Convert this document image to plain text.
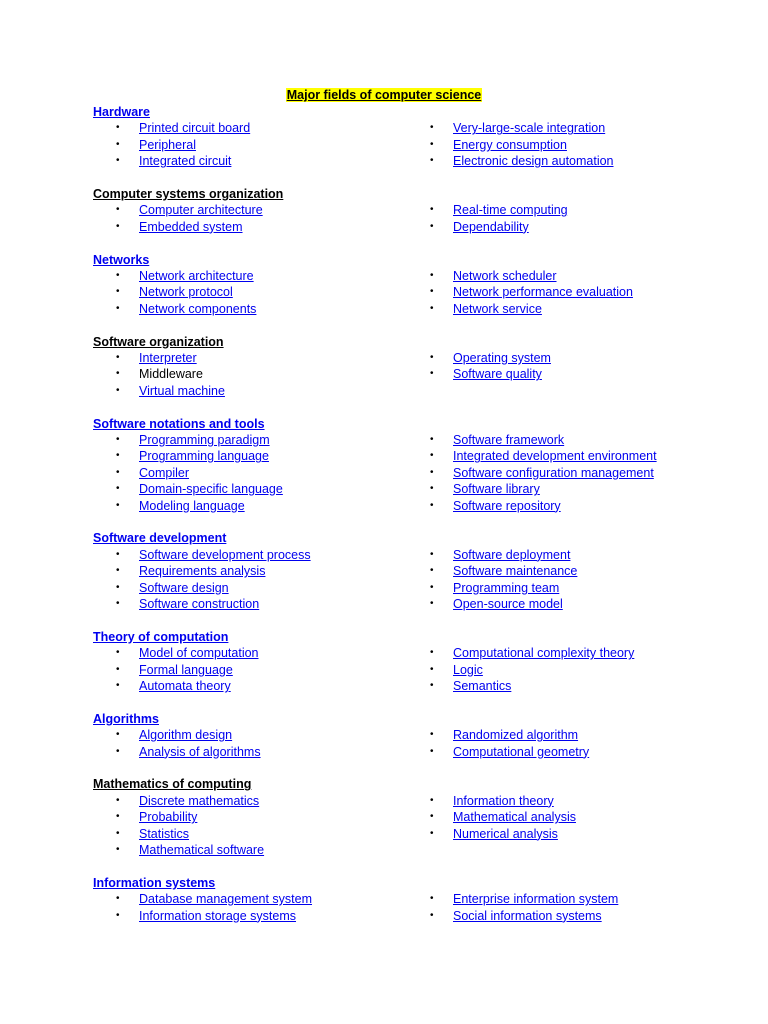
Major fields of computer science
Hardware
•	Printed circuit board
•	Peripheral
•	Integrated circuit
•	Very-large-scale integration
•	Energy consumption
•	Electronic design automation
Computer systems organization
•	Computer architecture
•	Embedded system
•	Real-time computing
•	Dependability
Networks
•	Network architecture
•	Network protocol
•	Network components
•	Network scheduler
•	Network performance evaluation
•	Network service
Software organization
•	Interpreter
•	Middleware
•	Virtual machine
•	Operating system
•	Software quality
Software notations and tools
•	Programming paradigm
•	Programming language
•	Compiler
•	Domain-specific language
•	Modeling language
•	Software framework
•	Integrated development environment
•	Software configuration management
•	Software library
•	Software repository
Software development
•	Software development process
•	Requirements analysis
•	Software design
•	Software construction
•	Software deployment
•	Software maintenance
•	Programming team
•	Open-source model
Theory of computation
•	Model of computation
•	Formal language
•	Automata theory
•	Computational complexity theory
•	Logic
•	Semantics
Algorithms
•	Algorithm design
•	Analysis of algorithms
•	Randomized algorithm
•	Computational geometry
Mathematics of computing
•	Discrete mathematics
•	Probability
•	Statistics
•	Mathematical software
•	Information theory
•	Mathematical analysis
•	Numerical analysis
Information systems
•	Database management system
•	Information storage systems
•	Enterprise information system
•	Social information systems
